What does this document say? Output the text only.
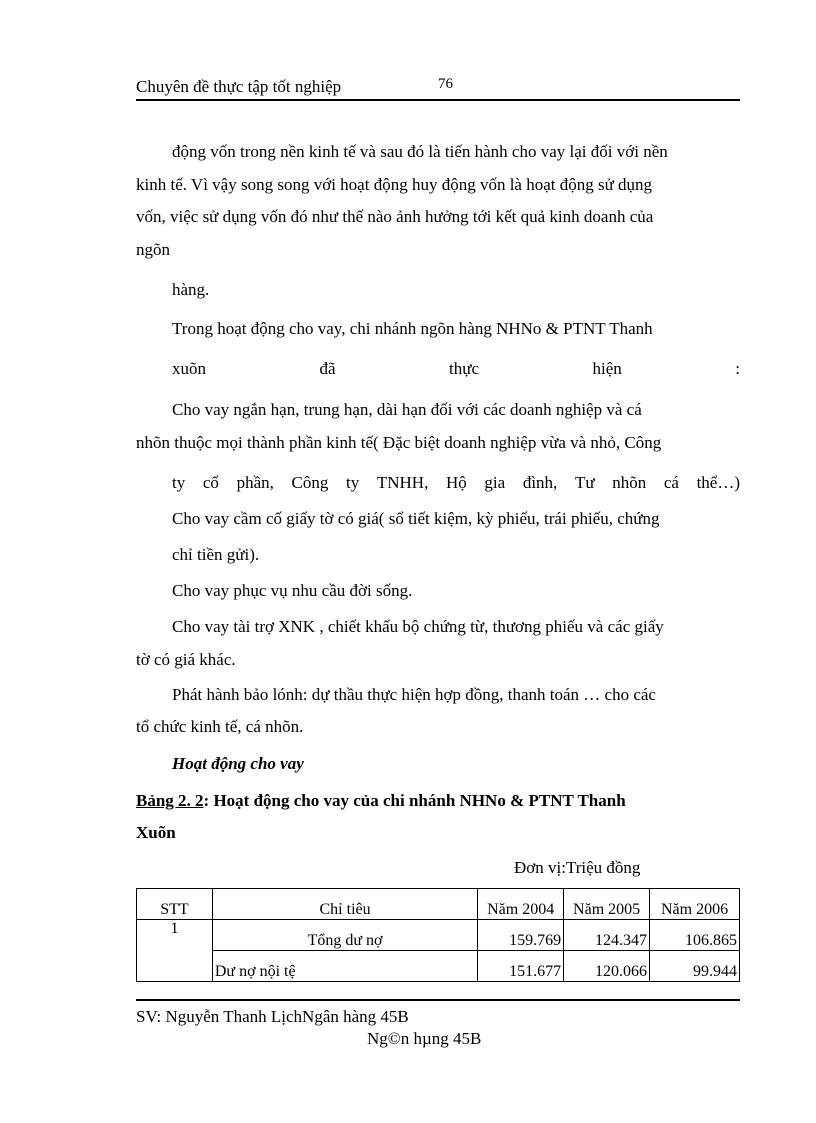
Chuyên đề thực tập tốt nghiệp	76
động vốn trong nền kinh tế và sau đó là tiến hành cho vay lại đối với nền
kinh tế. Vì vậy song song với hoạt động huy động vốn là hoạt động sử dụng
vốn, việc sử dụng vốn đó như thế nào ảnh hưởng tới kết quả kinh doanh của
ngõn
hàng.
Trong hoạt động cho vay, chi nhánh ngõn hàng NHNo & PTNT Thanh
xuõn	đã	thực	hiện	:
Cho vay ngắn hạn, trung hạn, dài hạn đối với các doanh nghiệp và cá
nhõn thuộc mọi thành phần kinh tế( Đặc biệt doanh nghiệp vừa và nhỏ, Công
ty cổ phần, Công ty TNHH, Hộ gia đình, Tư nhõn cá thể…)
Cho vay cầm cố giấy tờ có giá( sổ tiết kiệm, kỳ phiếu, trái phiếu, chứng
chỉ tiền gửi).
Cho vay phục vụ nhu cầu đời sống.
Cho vay tài trợ XNK , chiết khấu bộ chứng từ, thương phiếu và các giấy
tờ có giá khác.
Phát hành bảo lónh: dự thầu thực hiện hợp đồng, thanh toán … cho các
tổ chức kinh tế, cá nhõn.
Hoạt động cho vay
Bảng 2. 2: Hoạt động cho vay của chi nhánh NHNo & PTNT Thanh
Xuõn
Đơn vị:Triệu đồng
STT	Chỉ tiêu	Năm 2004	Năm 2005	Năm 2006
1	Tổng dư nợ	159.769	124.347	106.865
	Dư nợ nội tệ	151.677	120.066	99.944
SV: Nguyễn Thanh LịchNgân hàng 45B
Ng©n hµng 45B
